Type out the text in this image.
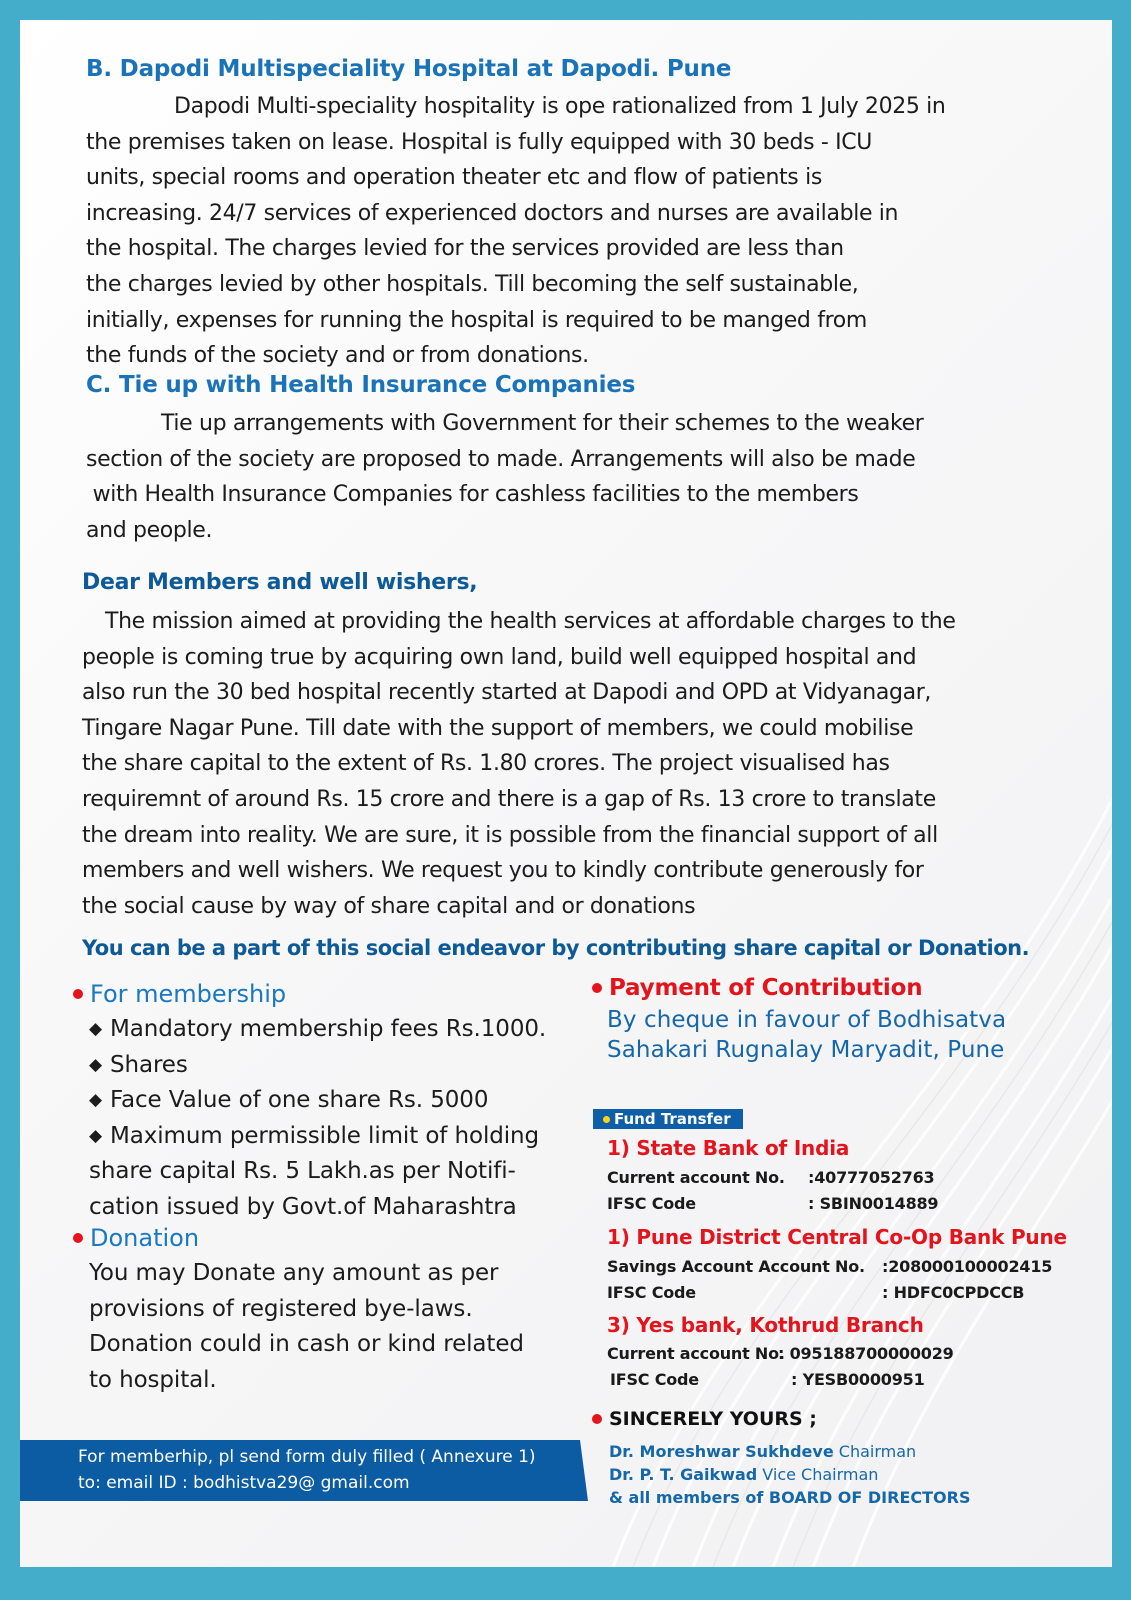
B. Dapodi Multispeciality Hospital at Dapodi. Pune
Dapodi Multi-speciality hospitality is ope rationalized from 1 July 2025 in
the premises taken on lease. Hospital is fully equipped with 30 beds - ICU
units, special rooms and operation theater etc and flow of patients is
increasing. 24/7 services of experienced doctors and nurses are available in
the hospital. The charges levied for the services provided are less than
the charges levied by other hospitals. Till becoming the self sustainable,
initially, expenses for running the hospital is required to be manged from
the funds of the society and or from donations.
C. Tie up with Health Insurance Companies
Tie up arrangements with Government for their schemes to the weaker
section of the society are proposed to made. Arrangements will also be made
with Health Insurance Companies for cashless facilities to the members
and people.
Dear Members and well wishers,
The mission aimed at providing the health services at affordable charges to the
people is coming true by acquiring own land, build well equipped hospital and
also run the 30 bed hospital recently started at Dapodi and OPD at Vidyanagar,
Tingare Nagar Pune. Till date with the support of members, we could mobilise
the share capital to the extent of Rs. 1.80 crores. The project visualised has
requiremnt of around Rs. 15 crore and there is a gap of Rs. 13 crore to translate
the dream into reality. We are sure, it is possible from the financial support of all
members and well wishers. We request you to kindly contribute generously for
the social cause by way of share capital and or donations
You can be a part of this social endeavor by contributing share capital or Donation.
For membership
◆ Mandatory membership fees Rs.1000.
◆ Shares
◆ Face Value of one share Rs. 5000
◆ Maximum permissible limit of holding
share capital Rs. 5 Lakh.as per Notifi-
cation issued by Govt.of Maharashtra
Donation
You may Donate any amount as per
provisions of registered bye-laws.
Donation could in cash or kind related
to hospital.
For memberhip, pl send form duly filled ( Annexure 1)
to: email ID : bodhistva29@ gmail.com
Payment of Contribution
By cheque in favour of Bodhisatva
Sahakari Rugnalay Maryadit, Pune
Fund Transfer
1) State Bank of India
Current account No. :40777052763
IFSC Code	: SBIN0014889
1) Pune District Central Co-Op Bank Pune
Savings Account Account No. :208000100002415
IFSC Code	: HDFC0CPDCCB
3) Yes bank, Kothrud Branch
Current account No.
: 095188700000029
IFSC Code	: YESB0000951
SINCERELY YOURS ;
Dr. Moreshwar Sukhdeve Chairman
Dr. P. T. Gaikwad Vice Chairman
& all members of BOARD OF DIRECTORS
